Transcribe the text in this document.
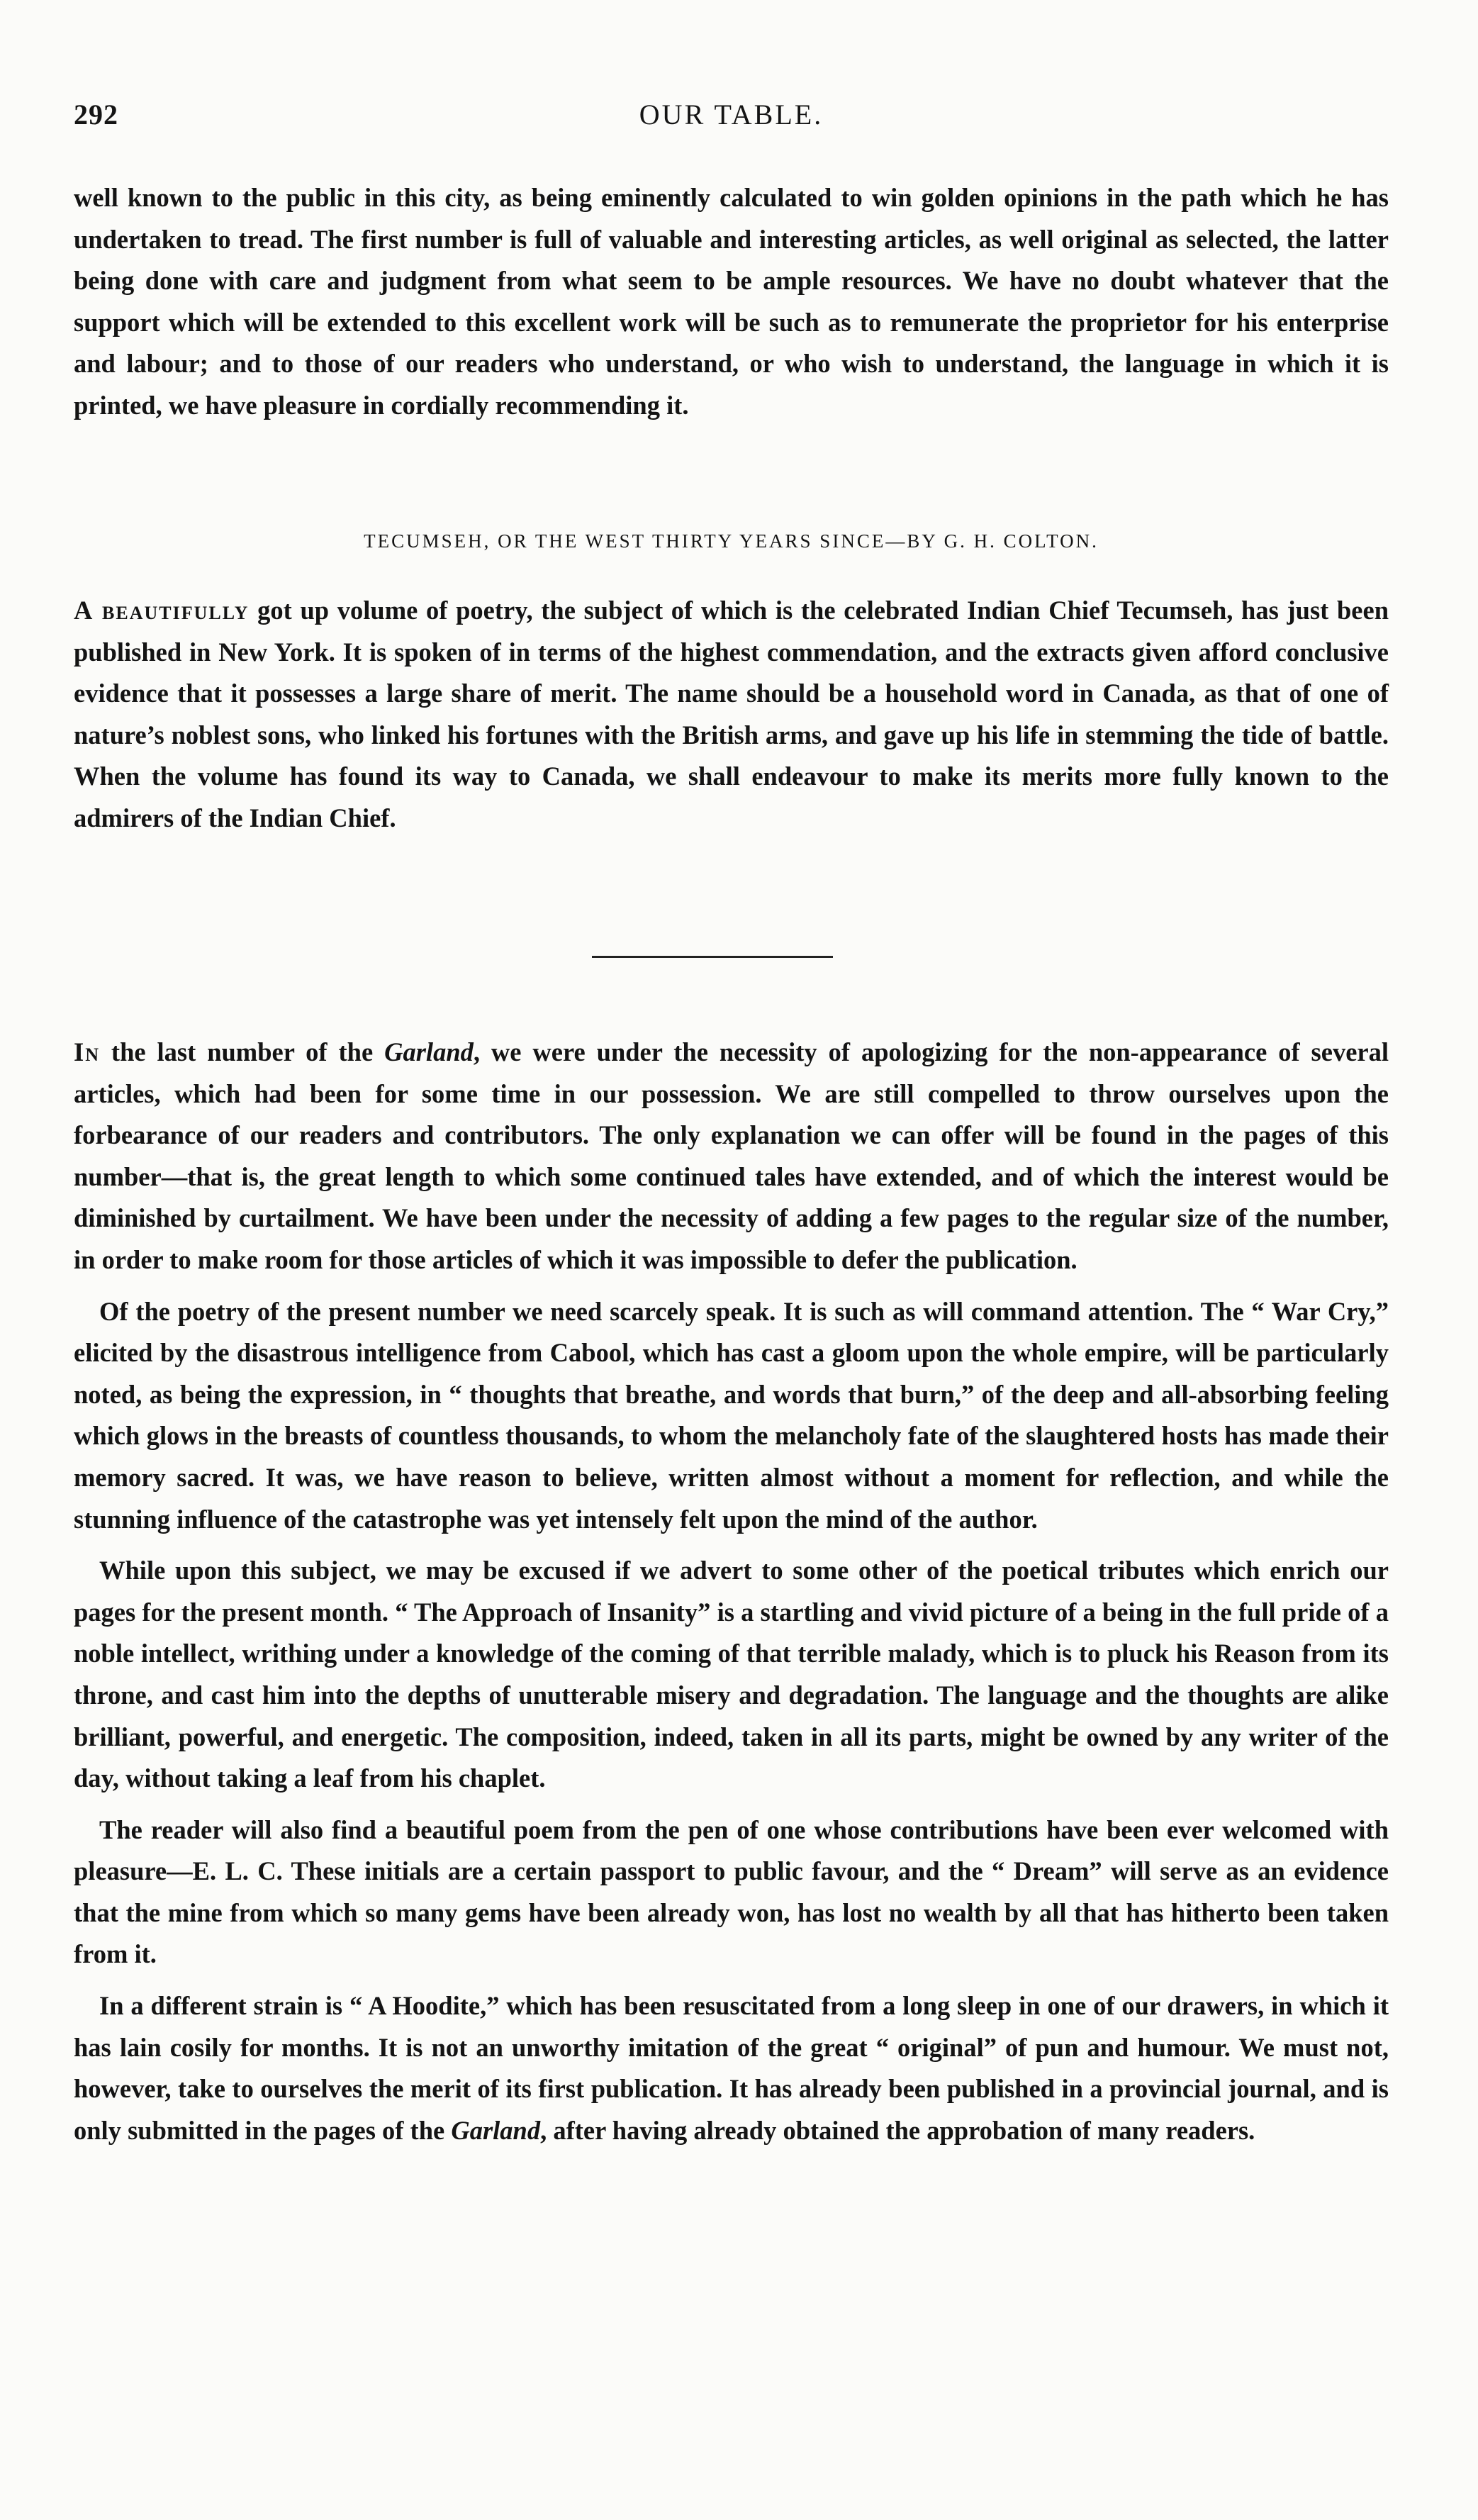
292	OUR TABLE.

well known to the public in this city, as being eminently calculated to win golden opinions in the path which he has undertaken to tread. The first number is full of valuable and interesting articles, as well original as selected, the latter being done with care and judgment from what seem to be ample resources. We have no doubt whatever that the support which will be extended to this excellent work will be such as to remunerate the proprietor for his enterprise and labour; and to those of our readers who understand, or who wish to understand, the language in which it is printed, we have pleasure in cordially recommending it.

TECUMSEH, OR THE WEST THIRTY YEARS SINCE—BY G. H. COLTON.

A beautifully got up volume of poetry, the subject of which is the celebrated Indian Chief Tecumseh, has just been published in New York. It is spoken of in terms of the highest commendation, and the extracts given afford conclusive evidence that it possesses a large share of merit. The name should be a household word in Canada, as that of one of nature’s noblest sons, who linked his fortunes with the British arms, and gave up his life in stemming the tide of battle. When the volume has found its way to Canada, we shall endeavour to make its merits more fully known to the admirers of the Indian Chief.

In the last number of the Garland, we were under the necessity of apologizing for the non-appearance of several articles, which had been for some time in our possession. We are still compelled to throw ourselves upon the forbearance of our readers and contributors. The only explanation we can offer will be found in the pages of this number—that is, the great length to which some continued tales have extended, and of which the interest would be diminished by curtailment. We have been under the necessity of adding a few pages to the regular size of the number, in order to make room for those articles of which it was impossible to defer the publication.

Of the poetry of the present number we need scarcely speak. It is such as will command attention. The “ War Cry,” elicited by the disastrous intelligence from Cabool, which has cast a gloom upon the whole empire, will be particularly noted, as being the expression, in “ thoughts that breathe, and words that burn,” of the deep and all-absorbing feeling which glows in the breasts of countless thousands, to whom the melancholy fate of the slaughtered hosts has made their memory sacred. It was, we have reason to believe, written almost without a moment for reflection, and while the stunning influence of the catastrophe was yet intensely felt upon the mind of the author.

While upon this subject, we may be excused if we advert to some other of the poetical tributes which enrich our pages for the present month. “ The Approach of Insanity” is a startling and vivid picture of a being in the full pride of a noble intellect, writhing under a knowledge of the coming of that terrible malady, which is to pluck his Reason from its throne, and cast him into the depths of unutterable misery and degradation. The language and the thoughts are alike brilliant, powerful, and energetic. The composition, indeed, taken in all its parts, might be owned by any writer of the day, without taking a leaf from his chaplet.

The reader will also find a beautiful poem from the pen of one whose contributions have been ever welcomed with pleasure—E. L. C. These initials are a certain passport to public favour, and the “ Dream” will serve as an evidence that the mine from which so many gems have been already won, has lost no wealth by all that has hitherto been taken from it.

In a different strain is “ A Hoodite,” which has been resuscitated from a long sleep in one of our drawers, in which it has lain cosily for months. It is not an unworthy imitation of the great “ original” of pun and humour. We must not, however, take to ourselves the merit of its first publication. It has already been published in a provincial journal, and is only submitted in the pages of the Garland, after having already obtained the approbation of many readers.
